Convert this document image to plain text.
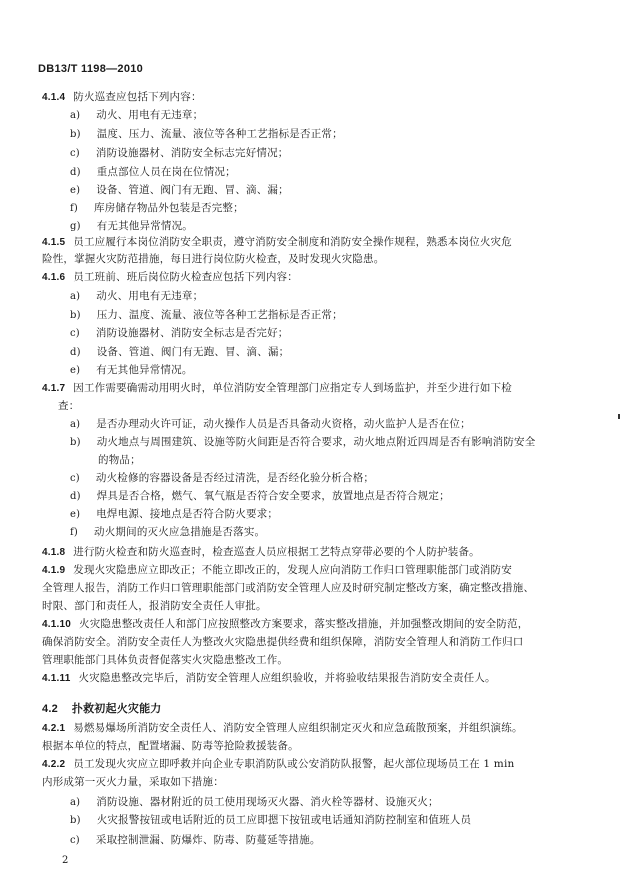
DB13/T 1198—2010
4.1.4 防火巡查应包括下列内容：
a) 动火、用电有无违章；
b) 温度、压力、流量、液位等各种工艺指标是否正常；
c) 消防设施器材、消防安全标志完好情况；
d) 重点部位人员在岗在位情况；
e) 设备、管道、阀门有无跑、冒、滴、漏；
f) 库房储存物品外包装是否完整；
g) 有无其他异常情况。
4.1.5 员工应履行本岗位消防安全职责，遵守消防安全制度和消防安全操作规程，熟悉本岗位火灾危
险性，掌握火灾防范措施，每日进行岗位防火检查，及时发现火灾隐患。
4.1.6 员工班前、班后岗位防火检查应包括下列内容：
a) 动火、用电有无违章；
b) 压力、温度、流量、液位等各种工艺指标是否正常；
c) 消防设施器材、消防安全标志是否完好；
d) 设备、管道、阀门有无跑、冒、滴、漏；
e) 有无其他异常情况。
4.1.7 因工作需要确需动用明火时，单位消防安全管理部门应指定专人到场监护，并至少进行如下检
查：
a) 是否办理动火许可证，动火操作人员是否具备动火资格，动火监护人是否在位；
b) 动火地点与周围建筑、设施等防火间距是否符合要求，动火地点附近四周是否有影响消防安全
的物品；
c) 动火检修的容器设备是否经过清洗，是否经化验分析合格；
d) 焊具是否合格，燃气、氧气瓶是否符合安全要求，放置地点是否符合规定；
e) 电焊电源、接地点是否符合防火要求；
f) 动火期间的灭火应急措施是否落实。
4.1.8 进行防火检查和防火巡查时，检查巡查人员应根据工艺特点穿带必要的个人防护装备。
4.1.9 发现火灾隐患应立即改正；不能立即改正的，发现人应向消防工作归口管理职能部门或消防安
全管理人报告，消防工作归口管理职能部门或消防安全管理人应及时研究制定整改方案，确定整改措施、
时限、部门和责任人，报消防安全责任人审批。
4.1.10 火灾隐患整改责任人和部门应按照整改方案要求，落实整改措施，并加强整改期间的安全防范，
确保消防安全。消防安全责任人为整改火灾隐患提供经费和组织保障，消防安全管理人和消防工作归口
管理职能部门具体负责督促落实火灾隐患整改工作。
4.1.11 火灾隐患整改完毕后，消防安全管理人应组织验收，并将验收结果报告消防安全责任人。
4.2 扑救初起火灾能力
4.2.1 易燃易爆场所消防安全责任人、消防安全管理人应组织制定灭火和应急疏散预案，并组织演练。
根据本单位的特点，配置堵漏、防毒等抢险救援装备。
4.2.2 员工发现火灾应立即呼救并向企业专职消防队或公安消防队报警，起火部位现场员工在 1 min
内形成第一灭火力量，采取如下措施：
a) 消防设施、器材附近的员工使用现场灭火器、消火栓等器材、设施灭火；
b) 火灾报警按钮或电话附近的员工应即摁下按钮或电话通知消防控制室和值班人员
c) 采取控制泄漏、防爆炸、防毒、防蔓延等措施。
2
